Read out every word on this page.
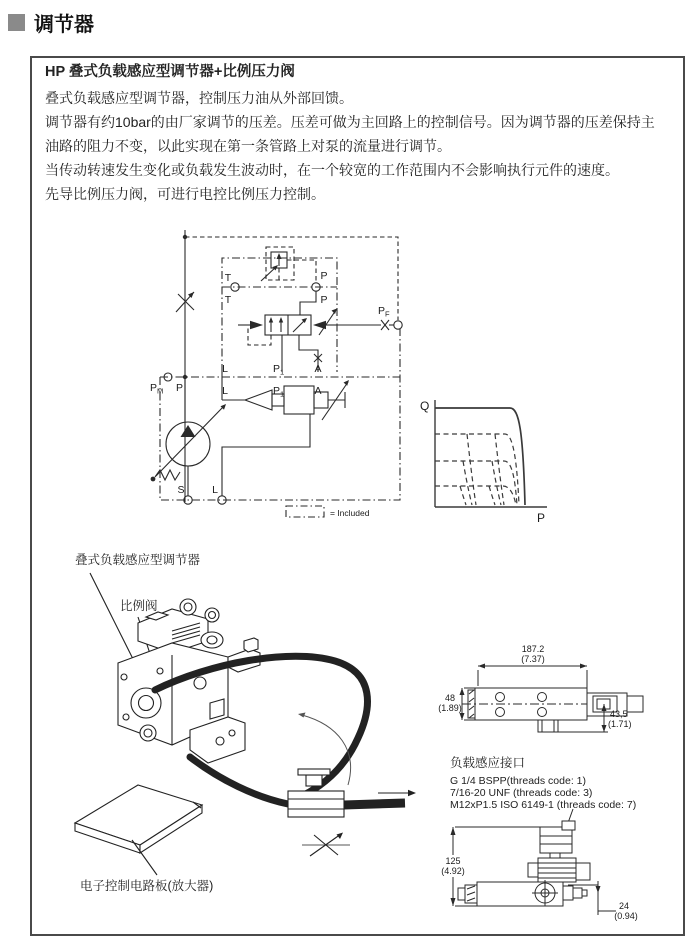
调节器

HP 叠式负载感应型调节器+比例压力阀

叠式负载感应型调节器，控制压力油从外部回馈。

调节器有约10bar的由厂家调节的压差。压差可做为主回路上的控制信号。因为调节器的压差保持主油路的阻力不变，以此实现在第一条管路上对泵的流量进行调节。

当传动转速发生变化或负载发生波动时，在一个较宽的工作范围内不会影响执行元件的速度。

先导比例压力阀，可进行电控比例压力控制。

T
T
P
P
$P_F$
$P_M$ P
L
L
$P_1$
$P_1$
A
A
S	L
= Included
Q
P
叠式负载感应型调节器
比例阀
电子控制电路板(放大器)
187.2
(7.37)
48
(1.89)
43,5
(1.71)
负载感应接口
G 1/4 BSPP(threads code: 1)
7/16-20 UNF (threads code: 3)
M12xP1.5 ISO 6149-1 (threads code: 7)
125
(4.92)
24
(0.94)
